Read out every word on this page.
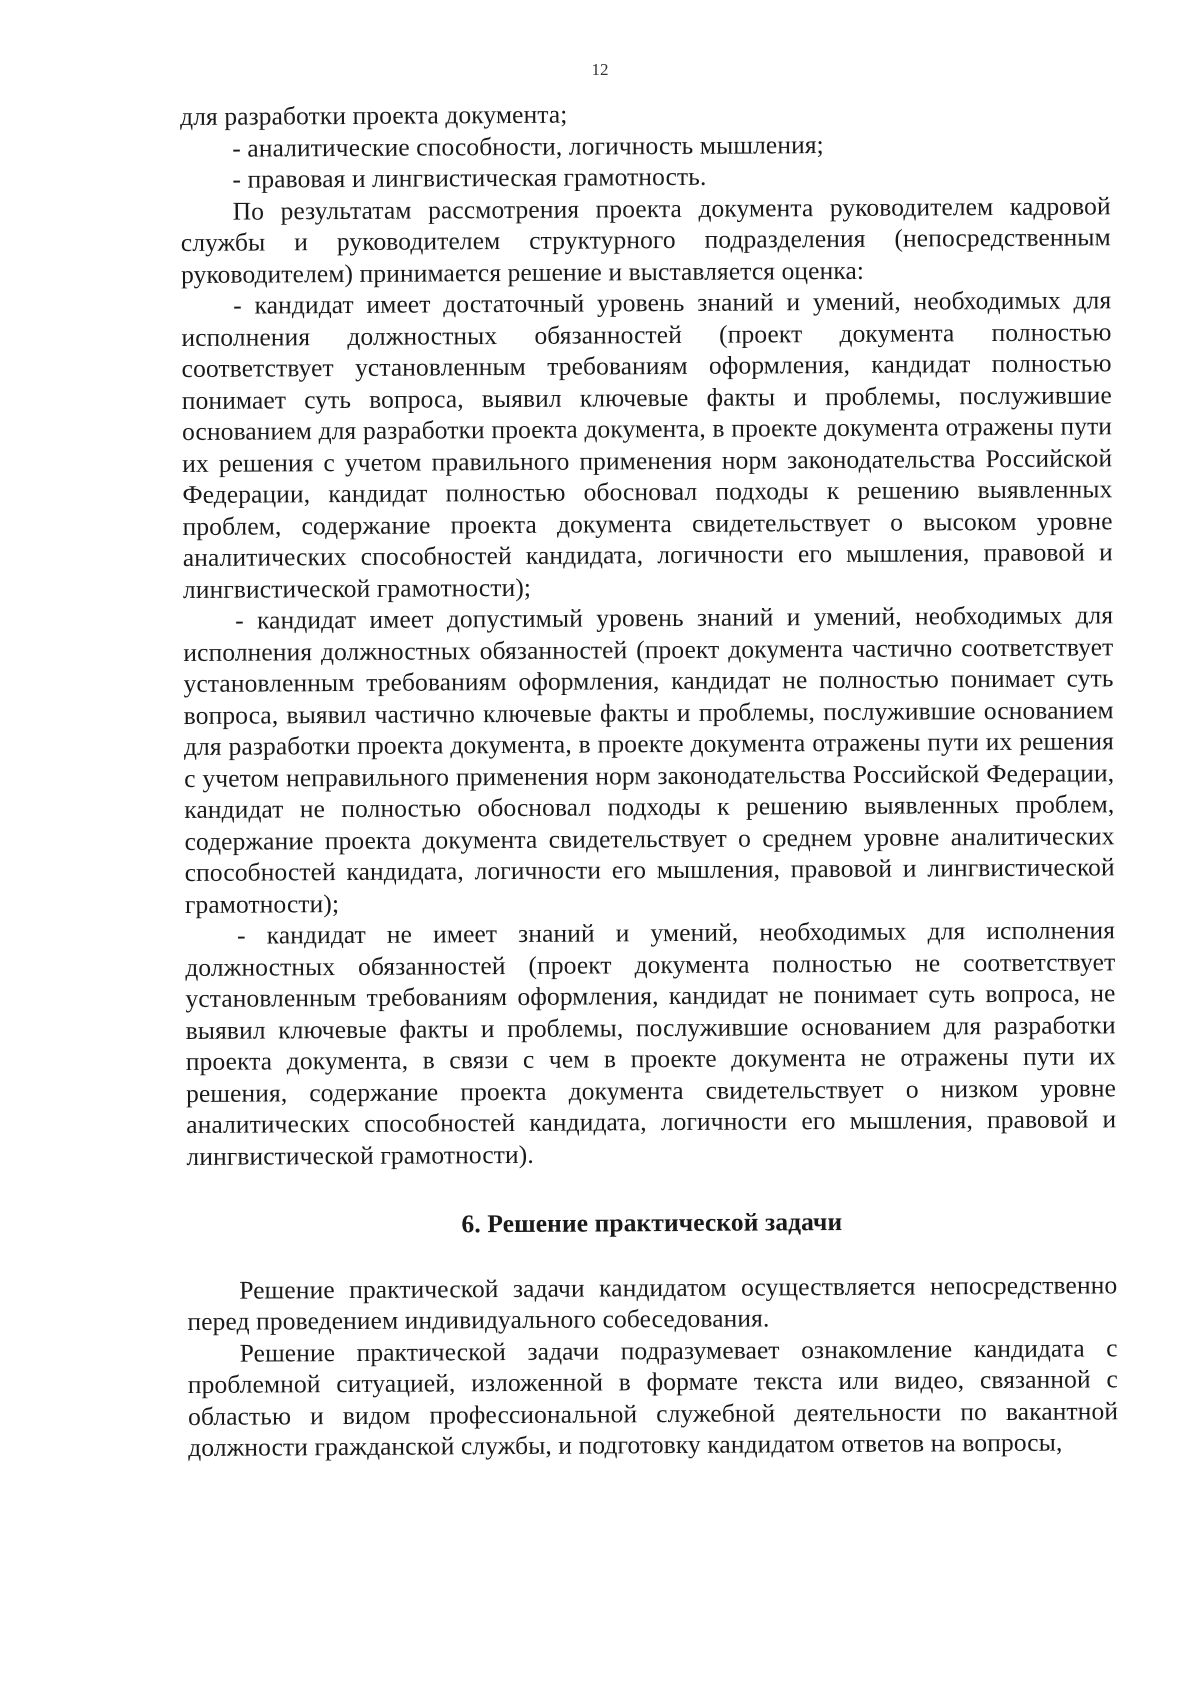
12

для разработки проекта документа;

- аналитические способности, логичность мышления;

- правовая и лингвистическая грамотность.

По результатам рассмотрения проекта документа руководителем кадровой службы и руководителем структурного подразделения (непосредственным руководителем) принимается решение и выставляется оценка:

- кандидат имеет достаточный уровень знаний и умений, необходимых для исполнения должностных обязанностей (проект документа полностью соответствует установленным требованиям оформления, кандидат полностью понимает суть вопроса, выявил ключевые факты и проблемы, послужившие основанием для разработки проекта документа, в проекте документа отражены пути их решения с учетом правильного применения норм законодательства Российской Федерации, кандидат полностью обосновал подходы к решению выявленных проблем, содержание проекта документа свидетельствует о высоком уровне аналитических способностей кандидата, логичности его мышления, правовой и лингвистической грамотности);

- кандидат имеет допустимый уровень знаний и умений, необходимых для исполнения должностных обязанностей (проект документа частично соответствует установленным требованиям оформления, кандидат не полностью понимает суть вопроса, выявил частично ключевые факты и проблемы, послужившие основанием для разработки проекта документа, в проекте документа отражены пути их решения с учетом неправильного применения норм законодательства Российской Федерации, кандидат не полностью обосновал подходы к решению выявленных проблем, содержание проекта документа свидетельствует о среднем уровне аналитических способностей кандидата, логичности его мышления, правовой и лингвистической грамотности);

- кандидат не имеет знаний и умений, необходимых для исполнения должностных обязанностей (проект документа полностью не соответствует установленным требованиям оформления, кандидат не понимает суть вопроса, не выявил ключевые факты и проблемы, послужившие основанием для разработки проекта документа, в связи с чем в проекте документа не отражены пути их решения, содержание проекта документа свидетельствует о низком уровне аналитических способностей кандидата, логичности его мышления, правовой и лингвистической грамотности).

6. Решение практической задачи

Решение практической задачи кандидатом осуществляется непосредственно перед проведением индивидуального собеседования.

Решение практической задачи подразумевает ознакомление кандидата с проблемной ситуацией, изложенной в формате текста или видео, связанной с областью и видом профессиональной служебной деятельности по вакантной должности гражданской службы, и подготовку кандидатом ответов на вопросы,
